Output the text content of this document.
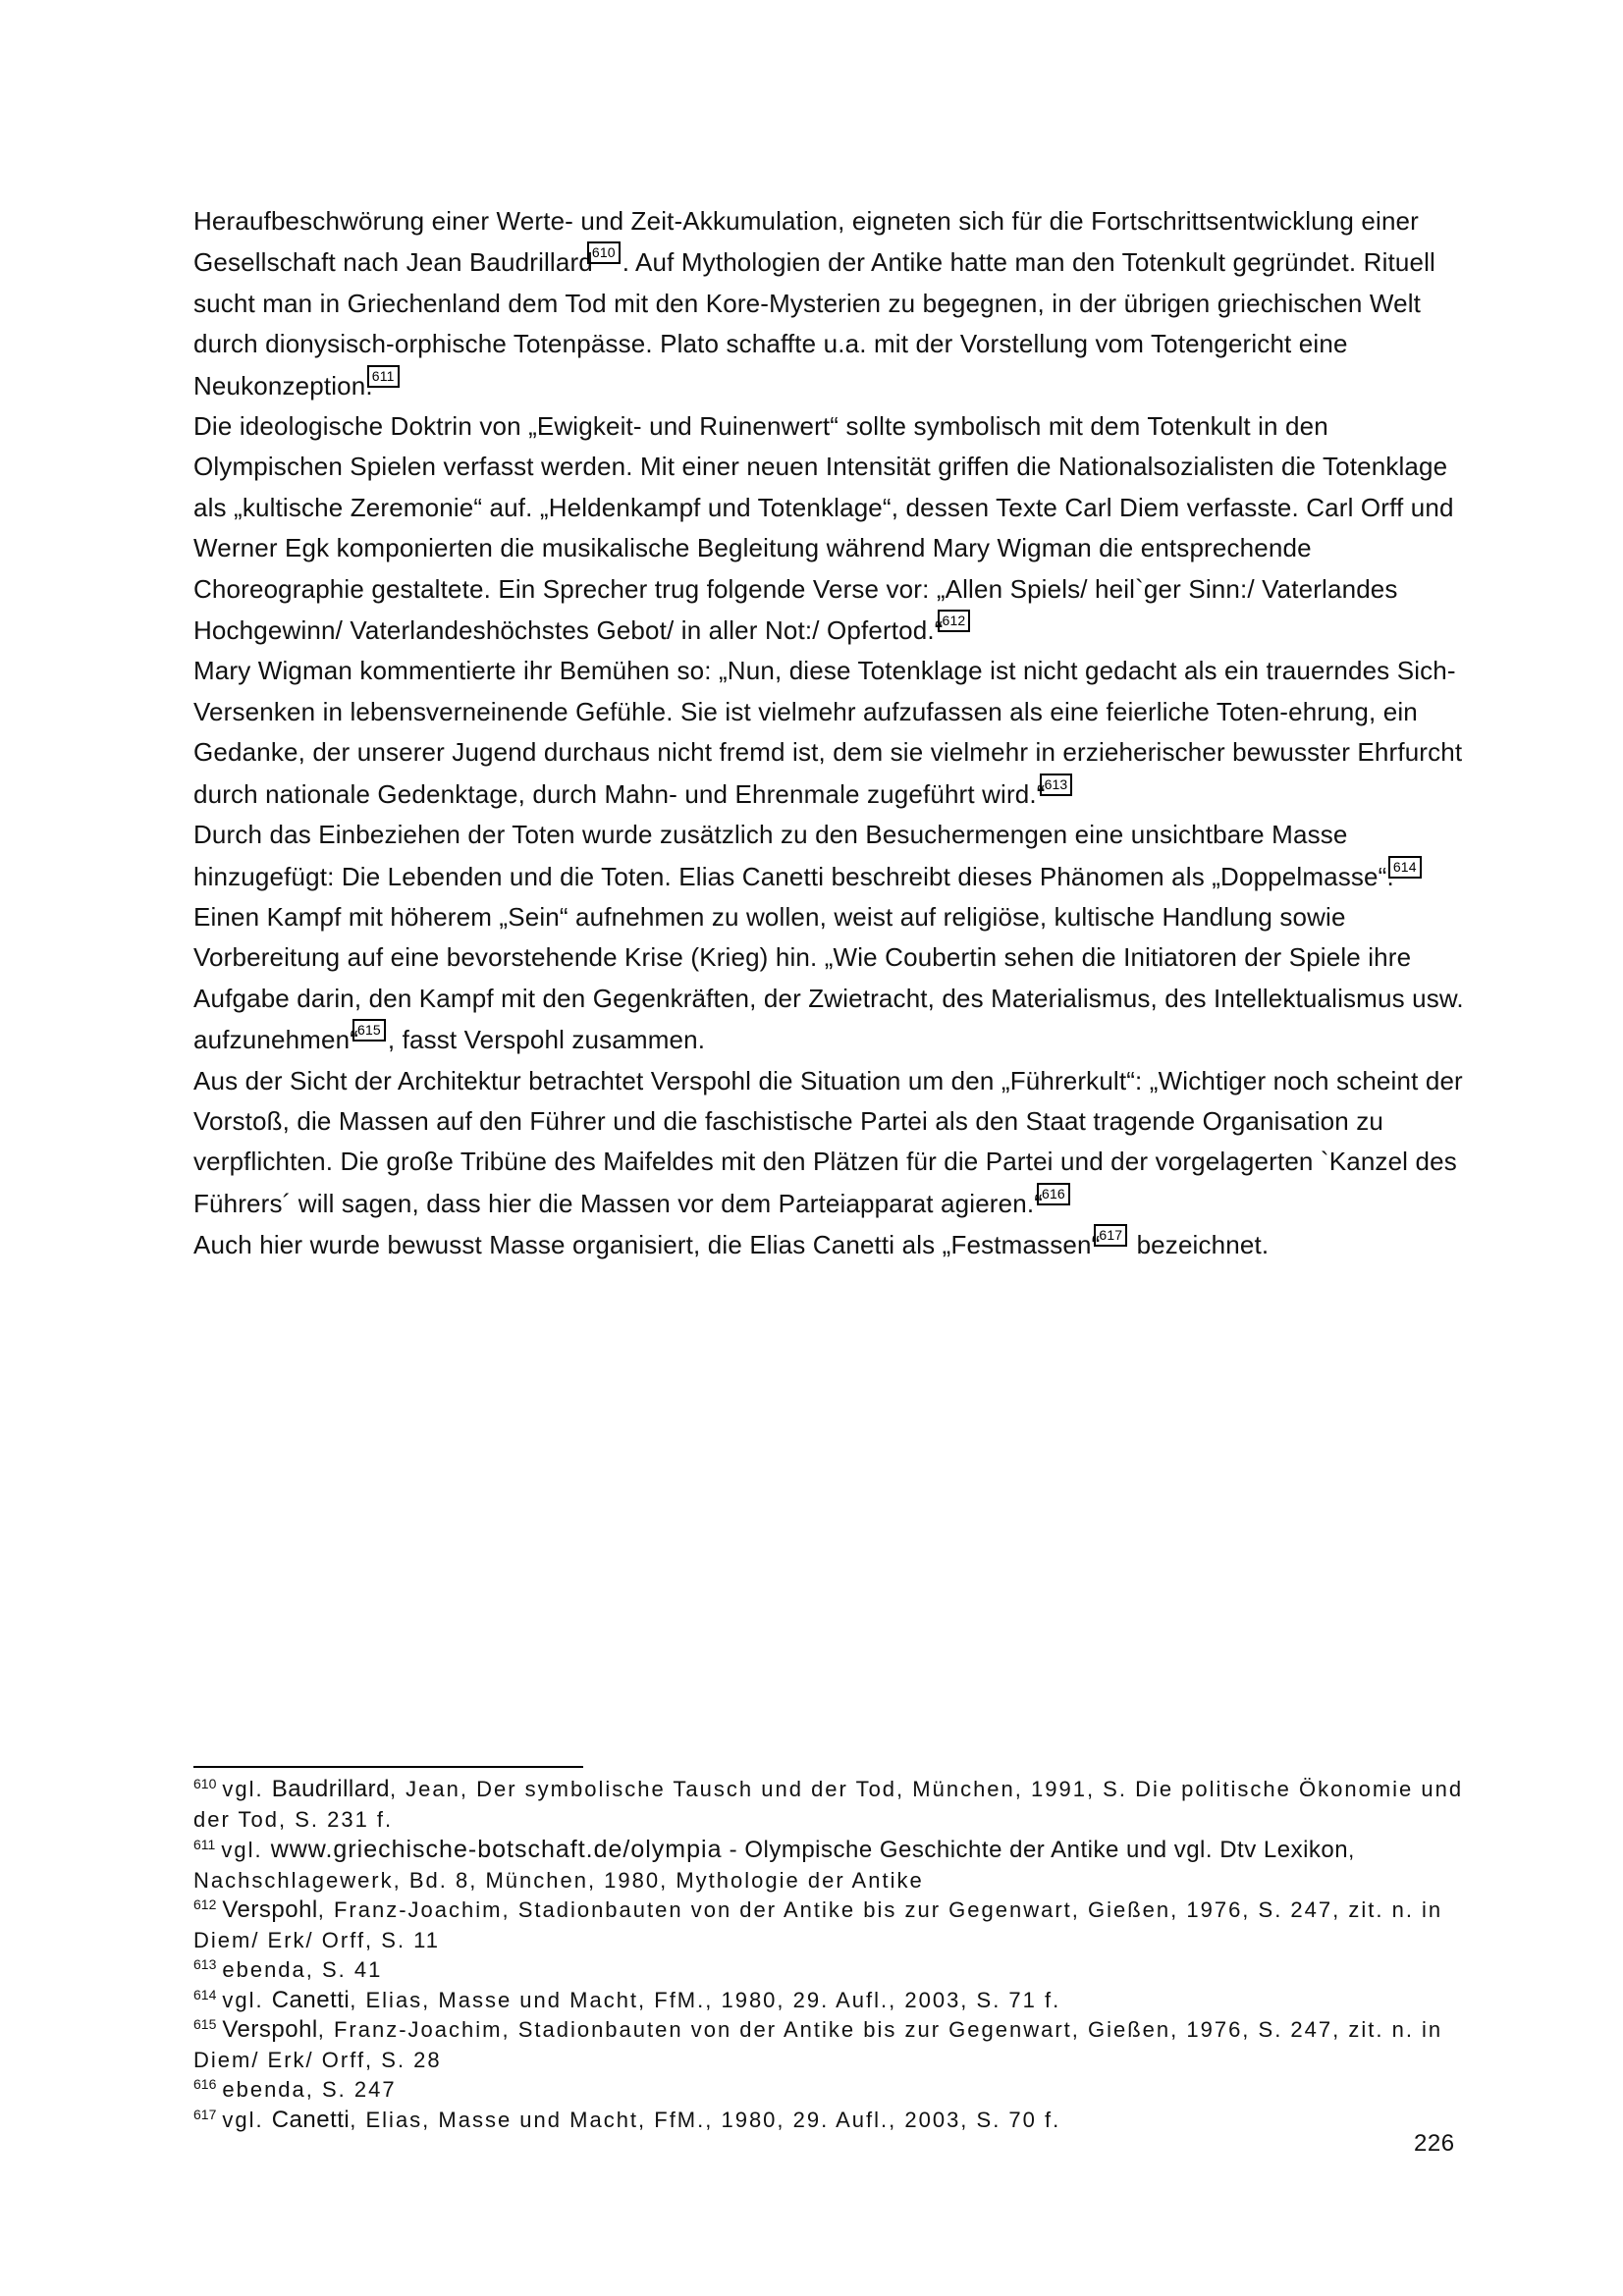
Heraufbeschwörung einer Werte- und Zeit-Akkumulation, eigneten sich für die Fortschrittsentwicklung einer Gesellschaft nach Jean Baudrillard610 . Auf Mythologien der Antike hatte man den Totenkult gegründet. Rituell sucht man in Griechenland dem Tod mit den Kore-Mysterien zu begegnen, in der übrigen griechischen Welt durch dionysisch-orphische Totenpässe. Plato schaffte u.a. mit der Vorstellung vom Totengericht eine Neukonzeption.611

Die ideologische Doktrin von „Ewigkeit- und Ruinenwert“ sollte symbolisch mit dem Totenkult in den Olympischen Spielen verfasst werden. Mit einer neuen Intensität griffen die Nationalsozialisten die Totenklage als „kultische Zeremonie“ auf. „Heldenkampf und Totenklage“, dessen Texte Carl Diem verfasste. Carl Orff und Werner Egk komponierten die musikalische Begleitung während Mary Wigman die entsprechende Choreographie gestaltete. Ein Sprecher trug folgende Verse vor: „Allen Spiels/ heil`ger Sinn:/ Vaterlandes Hochgewinn/ Vaterlandeshöchstes Gebot/ in aller Not:/ Opfertod.“612

Mary Wigman kommentierte ihr Bemühen so: „Nun, diese Totenklage ist nicht gedacht als ein trauerndes Sich-Versenken in lebensverneinende Gefühle. Sie ist vielmehr aufzufassen als eine feierliche Toten-ehrung, ein Gedanke, der unserer Jugend durchaus nicht fremd ist, dem sie vielmehr in erzieherischer bewusster Ehrfurcht durch nationale Gedenktage, durch Mahn- und Ehrenmale zugeführt wird.“613

Durch das Einbeziehen der Toten wurde zusätzlich zu den Besuchermengen eine unsichtbare Masse hinzugefügt: Die Lebenden und die Toten. Elias Canetti beschreibt dieses Phänomen als „Doppelmasse“.614

Einen Kampf mit höherem „Sein“ aufnehmen zu wollen, weist auf religiöse, kultische Handlung sowie Vorbereitung auf eine bevorstehende Krise (Krieg) hin. „Wie Coubertin sehen die Initiatoren der Spiele ihre Aufgabe darin, den Kampf mit den Gegenkräften, der Zwietracht, des Materialismus, des Intellektualismus usw. aufzunehmen“615 , fasst Verspohl zusammen.

Aus der Sicht der Architektur betrachtet Verspohl die Situation um den „Führerkult“: „Wichtiger noch scheint der Vorstoß, die Massen auf den Führer und die faschistische Partei als den Staat tragende Organisation zu verpflichten. Die große Tribüne des Maifeldes mit den Plätzen für die Partei und der vorgelagerten `Kanzel des Führers´ will sagen, dass hier die Massen vor dem Parteiapparat agieren.“616

Auch hier wurde bewusst Masse organisiert, die Elias Canetti als „Festmassen“617 bezeichnet.

$^{610}$ vgl. Baudrillard, Jean, Der symbolische Tausch und der Tod, München, 1991, S. Die politische Ökonomie und der Tod, S. 231 f.

$^{611}$ vgl. www.griechische-botschaft.de/olympia - Olympische Geschichte der Antike und vgl. Dtv Lexikon, Nachschlagewerk, Bd. 8, München, 1980, Mythologie der Antike

$^{612}$ Verspohl, Franz-Joachim, Stadionbauten von der Antike bis zur Gegenwart, Gießen, 1976, S. 247, zit. n. in Diem/ Erk/ Orff, S. 11

$^{613}$ ebenda, S. 41

$^{614}$ vgl. Canetti, Elias, Masse und Macht, FfM., 1980, 29. Aufl., 2003, S. 71 f.

$^{615}$ Verspohl, Franz-Joachim, Stadionbauten von der Antike bis zur Gegenwart, Gießen, 1976, S. 247, zit. n. in Diem/ Erk/ Orff, S. 28

$^{616}$ ebenda, S. 247

$^{617}$ vgl. Canetti, Elias, Masse und Macht, FfM., 1980, 29. Aufl., 2003, S. 70 f.

226
